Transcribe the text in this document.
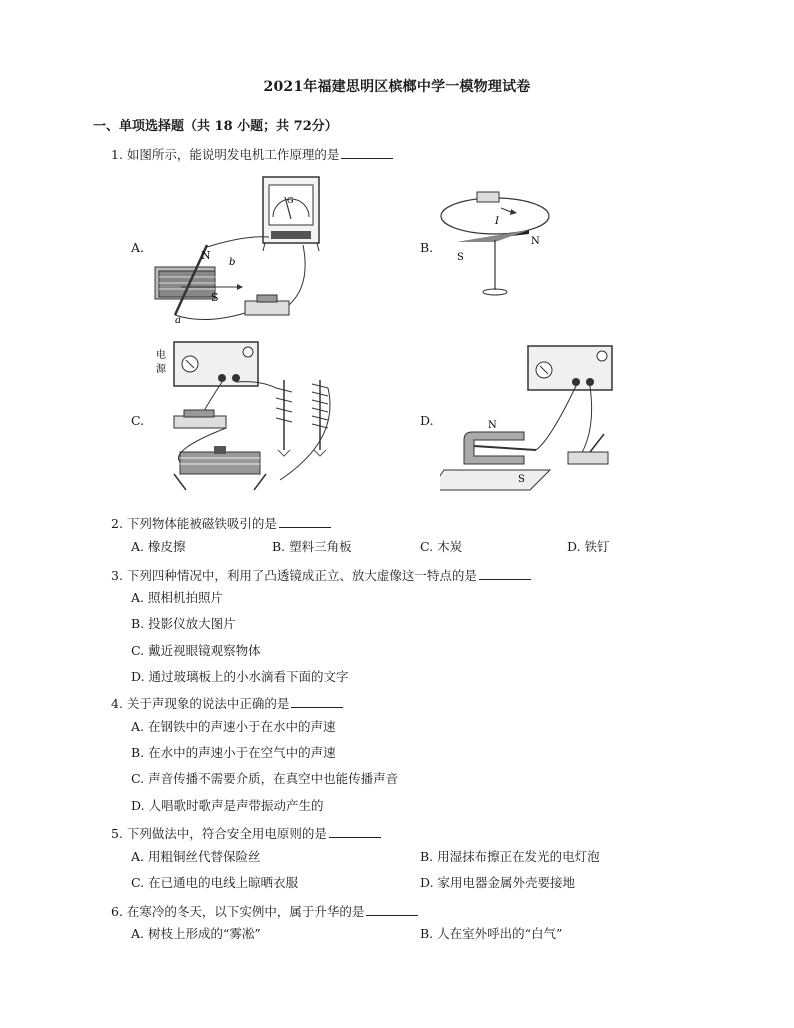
2021年福建思明区槟榔中学一模物理试卷
一、单项选择题（共 18 小题；共 72分）
1. 如图所示，能说明发电机工作原理的是
A.	B.
C.	D.
G
N
S
a
b
I
N
S
电
源
N
S
2. 下列物体能被磁铁吸引的是
A. 橡皮擦	B. 塑料三角板	C. 木炭	D. 铁钉
3. 下列四种情况中，利用了凸透镜成正立、放大虚像这一特点的是
A. 照相机拍照片
B. 投影仪放大图片
C. 戴近视眼镜观察物体
D. 通过玻璃板上的小水滴看下面的文字
4. 关于声现象的说法中正确的是
A. 在钢铁中的声速小于在水中的声速
B. 在水中的声速小于在空气中的声速
C. 声音传播不需要介质，在真空中也能传播声音
D. 人唱歌时歌声是声带振动产生的
5. 下列做法中，符合安全用电原则的是
A. 用粗铜丝代替保险丝	B. 用湿抹布擦正在发光的电灯泡
C. 在已通电的电线上晾晒衣服	D. 家用电器金属外壳要接地
6. 在寒冷的冬天，以下实例中，属于升华的是
A. 树枝上形成的“雾凇”	B. 人在室外呼出的“白气”
